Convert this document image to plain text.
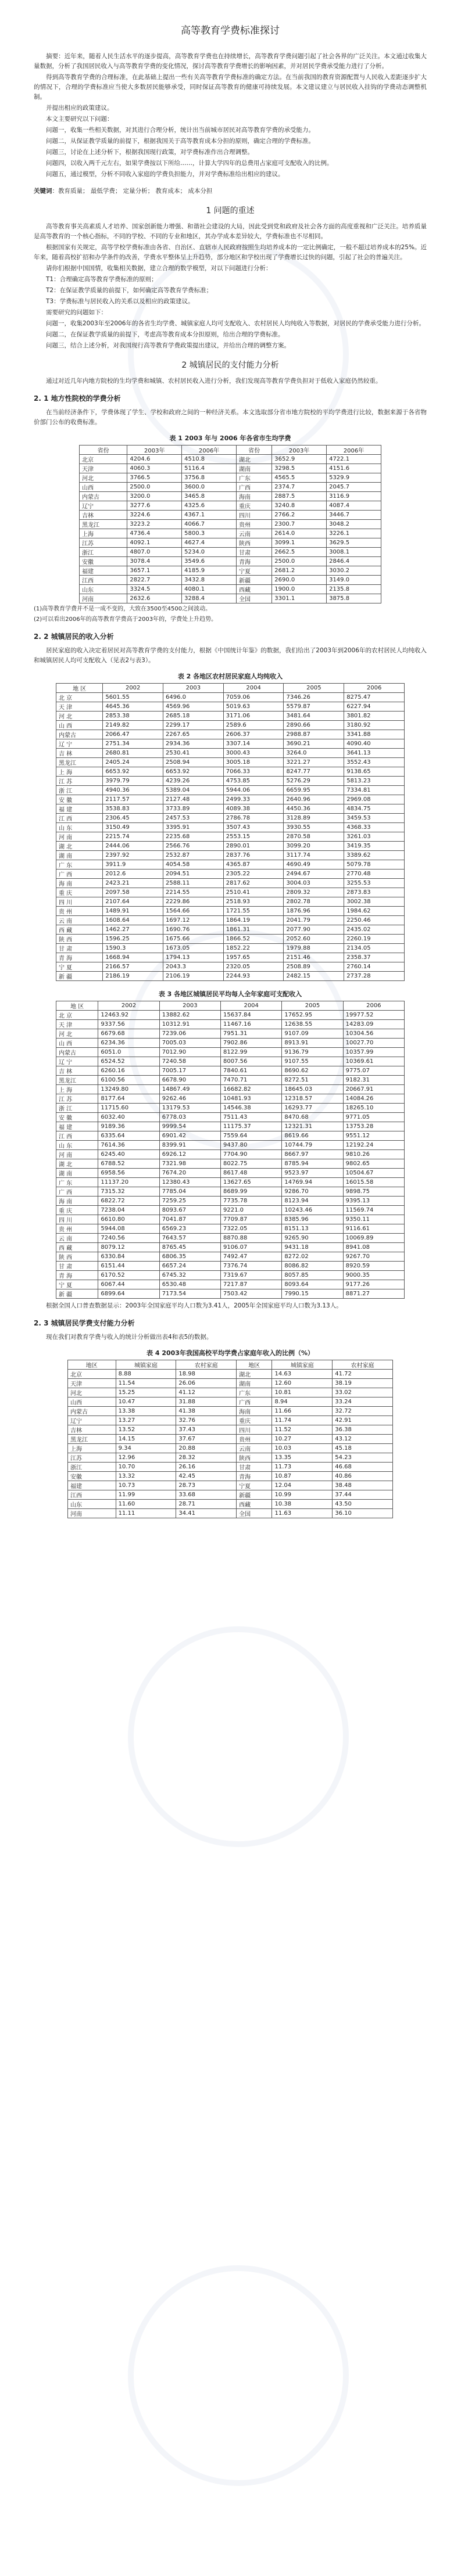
高等教育学费标准探讨

摘要：近年来，随着人民生活水平的逐步提高，高等教育学费也在持续增长，高等教育学费问题引起了社会各界的广泛关注。本文通过收集大量数据，分析了我国居民收入与高等教育学费的变化情况，探讨高等教育学费增长的影响因素，并对居民学费承受能力进行了分析。

得到高等教育学费的合理标准，在此基础上提出一些有关高等教育学费标准的确定方法。在当前我国的教育资源配置与人民收入差距逐步扩大的情况下，合理的学费标准应当使大多数居民能够承受，同时保证高等教育的健康可持续发展。本文建议建立与居民收入挂钩的学费动态调整机制。

并提出相应的政策建议。

本文主要研究以下问题：

问题一，收集一些相关数据，对其进行合理分析，统计出当前城市居民对高等教育学费的承受能力。

问题二，从保证教学质量的前提下，根据我国关于高等教育成本分担的原则，确定合理的学费标准。

问题三，讨论在上述分析下，根据我国现行政策，对学费标准作出合理调整。

问题四，以收入两千元左右，如果学费按以下所给……，计算大学四年的总费用占家庭可支配收入的比例。

问题五，通过模型，分析不同收入家庭的学费负担能力，并对学费标准给出相应的建议。

关键词：教育质量； 最低学费； 定量分析； 教育成本； 成本分担
1 问题的重述

高等教育事关高素质人才培养、国家创新能力增强、和谐社会建设的大局，因此受到党和政府及社会各方面的高度重视和广泛关注。培养质量是高等教育的一个核心指标，不同的学校、不同的专业和地区，其办学成本差异较大，学费标准也不尽相同。

根据国家有关规定，高等学校学费标准由各省、自治区、直辖市人民政府按照生均培养成本的一定比例确定，一般不超过培养成本的25%。近年来，随着高校扩招和办学条件的改善，学费水平整体呈上升趋势，部分地区和学校出现了学费增长过快的问题，引起了社会的普遍关注。

请你们根据中国国情，收集相关数据，建立合理的数学模型，对以下问题进行分析：

T1：合理确定高等教育学费标准的原则；

T2：在保证教学质量的前提下，如何确定高等教育学费标准；

T3：学费标准与居民收入的关系以及相应的政策建议。

需要研究的问题如下：

问题一，收集2003年至2006年的各省生均学费、城镇家庭人均可支配收入、农村居民人均纯收入等数据，对居民的学费承受能力进行分析。

问题二，在保证教学质量的前提下，考虑高等教育成本分担原则，给出合理的学费标准。

问题三，结合上述分析，对我国现行高等教育学费政策提出建议，并给出合理的调整方案。

2 城镇居民的支付能力分析

通过对近几年内地方院校的生均学费和城镇、农村居民收入进行分析，我们发现高等教育学费负担对于低收入家庭仍然较重。

2. 1 地方性院校的学费分析

在当前经济条件下，学费体现了学生、学校和政府之间的一种经济关系。本文选取部分省市地方院校的平均学费进行比较，数据来源于各省物价部门公布的收费标准。

表 1 2003 年与 2006 年各省市生均学费
省份	2003年	2006年	省份	2003年	2006年
北京	4204.6	4510.8	湖北	3652.9	4722.1
天津	4060.3	5116.4	湖南	3298.5	4151.6
河北	3766.5	3756.8	广东	4565.5	5329.9
山西	2500.0	3600.0	广西	2374.7	2045.7
内蒙古	3200.0	3465.8	海南	2887.5	3116.9
辽宁	3277.6	4325.6	重庆	3240.8	4087.4
吉林	3224.6	4367.1	四川	2766.2	3446.7
黑龙江	3223.2	4066.7	贵州	2300.7	3048.2
上海	4736.4	5800.3	云南	2614.0	3226.1
江苏	4092.1	4627.4	陕西	3099.1	3629.5
浙江	4807.0	5234.0	甘肃	2662.5	3008.1
安徽	3078.4	3549.6	青海	2500.0	2846.4
福建	3657.1	4185.9	宁夏	2681.2	3030.2
江西	2822.7	3432.8	新疆	2690.0	3149.0
山东	3324.5	4080.1	西藏	1900.0	2135.8
河南	2632.6	3288.4	全国	3301.1	3875.8

(1)高等教育学费并不是一成不变的，大致在3500至4500之间波动。

(2)可以看出2006年的高等教育学费高于2003年的，学费处上升趋势。

2. 2 城镇居民的收入分析

居民家庭的收入决定着居民对高等教育学费的支付能力，根据《中国统计年鉴》的数据，我们给出了2003年到2006年的农村居民人均纯收入和城镇居民人均可支配收入（见表2与表3）。

表 2 各地区农村居民家庭人均纯收入
地 区	2002	2003	2004	2005	2006
北 京	5601.55	6496.0	7059.06	7346.26	8275.47
天 津	4645.36	4569.96	5019.63	5579.87	6227.94
河 北	2853.38	2685.18	3171.06	3481.64	3801.82
山 西	2149.82	2299.17	2589.6	2890.66	3180.92
内蒙古	2066.47	2267.65	2606.37	2988.87	3341.88
辽 宁	2751.34	2934.36	3307.14	3690.21	4090.40
吉 林	2680.81	2530.41	3000.43	3264.0	3641.13
黑龙江	2405.24	2508.94	3005.18	3221.27	3552.43
上 海	6653.92	6653.92	7066.33	8247.77	9138.65
江 苏	3979.79	4239.26	4753.85	5276.29	5813.23
浙 江	4940.36	5389.04	5944.06	6659.95	7334.81
安 徽	2117.57	2127.48	2499.33	2640.96	2969.08
福 建	3538.83	3733.89	4089.38	4450.36	4834.75
江 西	2306.45	2457.53	2786.78	3128.89	3459.53
山 东	3150.49	3395.91	3507.43	3930.55	4368.33
河 南	2215.74	2235.68	2553.15	2870.58	3261.03
湖 北	2444.06	2566.76	2890.01	3099.20	3419.35
湖 南	2397.92	2532.87	2837.76	3117.74	3389.62
广 东	3911.9	4054.58	4365.87	4690.49	5079.78
广 西	2012.6	2094.51	2305.22	2494.67	2770.48
海 南	2423.21	2588.11	2817.62	3004.03	3255.53
重 庆	2097.58	2214.55	2510.41	2809.32	2873.83
四 川	2107.64	2229.86	2518.93	2802.78	3002.38
贵 州	1489.91	1564.66	1721.55	1876.96	1984.62
云 南	1608.64	1697.12	1864.19	2041.79	2250.46
西 藏	1462.27	1690.76	1861.31	2077.90	2435.02
陕 西	1596.25	1675.66	1866.52	2052.60	2260.19
甘 肃	1590.3	1673.05	1852.22	1979.88	2134.05
青 海	1668.94	1794.13	1957.65	2151.46	2358.37
宁 夏	2166.57	2043.3	2320.05	2508.89	2760.14
新 疆	2186.19	2106.19	2244.93	2482.15	2737.28
表 3 各地区城镇居民平均每人全年家庭可支配收入
地 区	2002	2003	2004	2005	2006
北 京	12463.92	13882.62	15637.84	17652.95	19977.52
天 津	9337.56	10312.91	11467.16	12638.55	14283.09
河 北	6679.68	7239.06	7951.31	9107.09	10304.56
山 西	6234.36	7005.03	7902.86	8913.91	10027.70
内蒙古	6051.0	7012.90	8122.99	9136.79	10357.99
辽 宁	6524.52	7240.58	8007.56	9107.55	10369.61
吉 林	6260.16	7005.17	7840.61	8690.62	9775.07
黑龙江	6100.56	6678.90	7470.71	8272.51	9182.31
上 海	13249.80	14867.49	16682.82	18645.03	20667.91
江 苏	8177.64	9262.46	10481.93	12318.57	14084.26
浙 江	11715.60	13179.53	14546.38	16293.77	18265.10
安 徽	6032.40	6778.03	7511.43	8470.68	9771.05
福 建	9189.36	9999.54	11175.37	12321.31	13753.28
江 西	6335.64	6901.42	7559.64	8619.66	9551.12
山 东	7614.36	8399.91	9437.80	10744.79	12192.24
河 南	6245.40	6926.12	7704.90	8667.97	9810.26
湖 北	6788.52	7321.98	8022.75	8785.94	9802.65
湖 南	6958.56	7674.20	8617.48	9523.97	10504.67
广 东	11137.20	12380.43	13627.65	14769.94	16015.58
广 西	7315.32	7785.04	8689.99	9286.70	9898.75
海 南	6822.72	7259.25	7735.78	8123.94	9395.13
重 庆	7238.04	8093.67	9221.0	10243.46	11569.74
四 川	6610.80	7041.87	7709.87	8385.96	9350.11
贵 州	5944.08	6569.23	7322.05	8151.13	9116.61
云 南	7240.56	7643.57	8870.88	9265.90	10069.89
西 藏	8079.12	8765.45	9106.07	9431.18	8941.08
陕 西	6330.84	6806.35	7492.47	8272.02	9267.70
甘 肃	6151.44	6657.24	7376.74	8086.82	8920.59
青 海	6170.52	6745.32	7319.67	8057.85	9000.35
宁 夏	6067.44	6530.48	7217.87	8093.64	9177.26
新 疆	6899.64	7173.54	7503.42	7990.15	8871.27

根据全国人口普查数据显示：2003年全国家庭平均人口数为3.41人，2005年全国家庭平均人口数为3.13人。

2. 3 城镇居民学费支付能力分析

现在我们对教育学费与收入的统计分析做出表4和表5的数据。

表 4 2003年我国高校平均学费占家庭年收入的比例（%）
地区	城镇家庭	农村家庭	地区	城镇家庭	农村家庭
北京	8.88	18.98	湖北	14.63	41.72
天津	11.54	26.06	湖南	12.60	38.19
河北	15.25	41.12	广东	10.81	33.02
山西	10.47	31.88	广西	8.94	33.24
内蒙古	13.38	41.38	海南	11.66	32.72
辽宁	13.27	32.76	重庆	11.74	42.91
吉林	13.52	37.43	四川	11.52	36.38
黑龙江	14.15	37.67	贵州	10.27	43.12
上海	9.34	20.88	云南	10.03	45.18
江苏	12.96	28.32	陕西	13.35	54.23
浙江	10.70	26.16	甘肃	11.73	46.68
安徽	13.32	42.45	青海	10.87	40.86
福建	10.73	28.73	宁夏	12.04	38.48
江西	11.99	33.68	新疆	10.99	37.44
山东	11.60	28.71	西藏	10.38	43.50
河南	11.11	34.41	全国	11.63	36.10
